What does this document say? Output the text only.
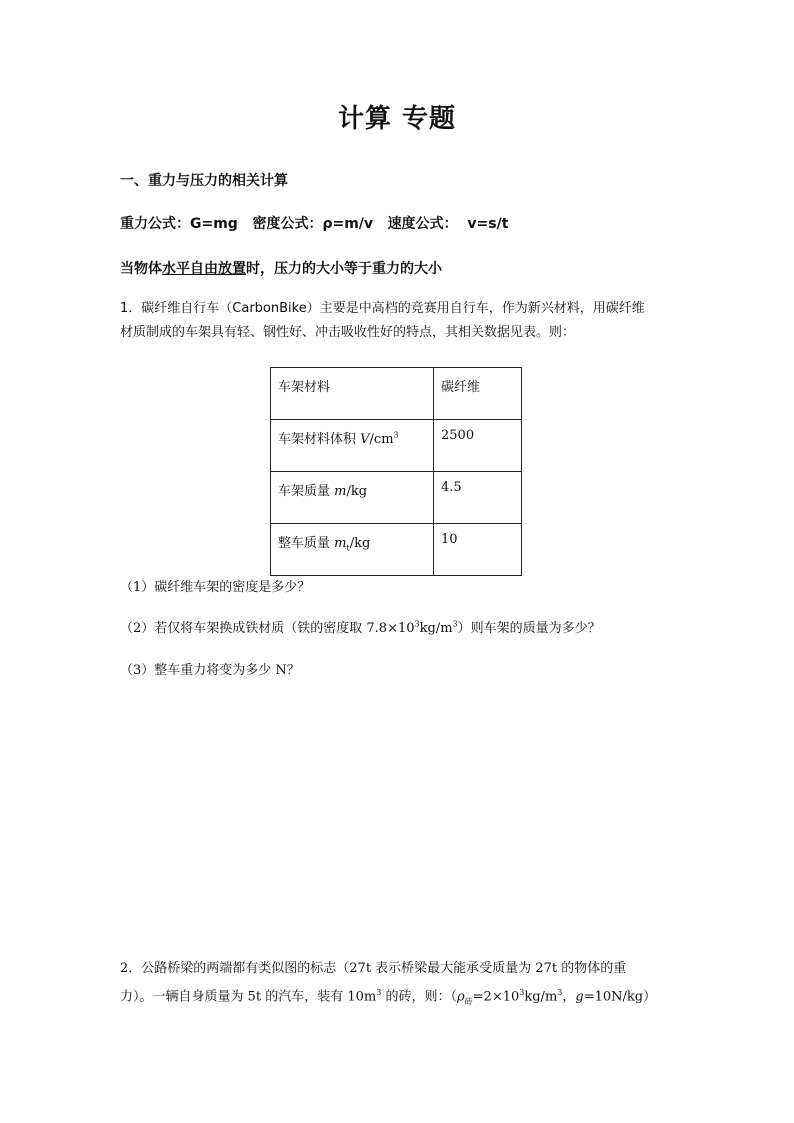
计算 专题
一、重力与压力的相关计算
重力公式：G=mg   密度公式：ρ=m/v   速度公式：  v=s/t
当物体水平自由放置时，压力的大小等于重力的大小
1．碳纤维自行车（CarbonBike）主要是中高档的竞赛用自行车，作为新兴材料，用碳纤维
材质制成的车架具有轻、钢性好、冲击吸收性好的特点，其相关数据见表。则：
车架材料	碳纤维
车架材料体积 $V/cm^3$	2500
车架质量 m/kg	4.5
整车质量 $m_t/kg$	10
（1）碳纤维车架的密度是多少？
（2）若仅将车架换成铁材质（铁的密度取 $7.8\times 10^3kg/m^3$）则车架的质量为多少？
（3）整车重力将变为多少 N？
2．公路桥梁的两端都有类似图的标志（27t 表示桥梁最大能承受质量为 27t 的物体的重
力）。一辆自身质量为 5t 的汽车，装有 $10m^3$ 的砖，则：（$\rho_砖=2\times 10^3kg/m^3$，g=10N/kg）
